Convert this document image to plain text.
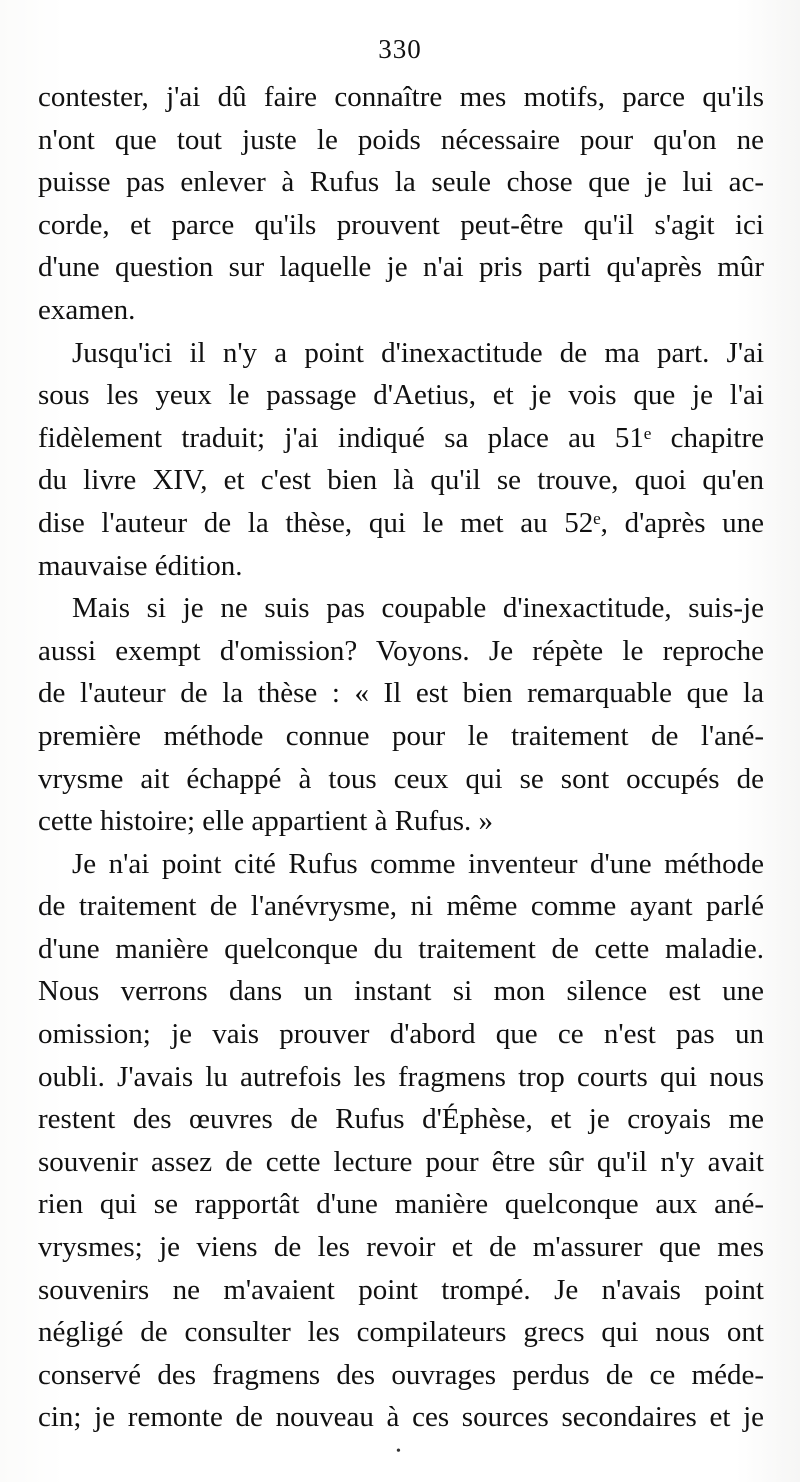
330
contester, j'ai dû faire connaître mes motifs, parce qu'ils
n'ont que tout juste le poids nécessaire pour qu'on ne
puisse pas enlever à Rufus la seule chose que je lui ac-
corde, et parce qu'ils prouvent peut-être qu'il s'agit ici
d'une question sur laquelle je n'ai pris parti qu'après mûr
examen.
Jusqu'ici il n'y a point d'inexactitude de ma part. J'ai
sous les yeux le passage d'Aetius, et je vois que je l'ai
fidèlement traduit; j'ai indiqué sa place au 51ᵉ chapitre
du livre XIV, et c'est bien là qu'il se trouve, quoi qu'en
dise l'auteur de la thèse, qui le met au 52ᵉ, d'après une
mauvaise édition.
Mais si je ne suis pas coupable d'inexactitude, suis-je
aussi exempt d'omission? Voyons. Je répète le reproche
de l'auteur de la thèse : « Il est bien remarquable que la
première méthode connue pour le traitement de l'ané-
vrysme ait échappé à tous ceux qui se sont occupés de
cette histoire; elle appartient à Rufus. »
Je n'ai point cité Rufus comme inventeur d'une méthode
de traitement de l'anévrysme, ni même comme ayant parlé
d'une manière quelconque du traitement de cette maladie.
Nous verrons dans un instant si mon silence est une
omission; je vais prouver d'abord que ce n'est pas un
oubli. J'avais lu autrefois les fragmens trop courts qui nous
restent des œuvres de Rufus d'Éphèse, et je croyais me
souvenir assez de cette lecture pour être sûr qu'il n'y avait
rien qui se rapportât d'une manière quelconque aux ané-
vrysmes; je viens de les revoir et de m'assurer que mes
souvenirs ne m'avaient point trompé. Je n'avais point
négligé de consulter les compilateurs grecs qui nous ont
conservé des fragmens des ouvrages perdus de ce méde-
cin; je remonte de nouveau à ces sources secondaires et je
•
